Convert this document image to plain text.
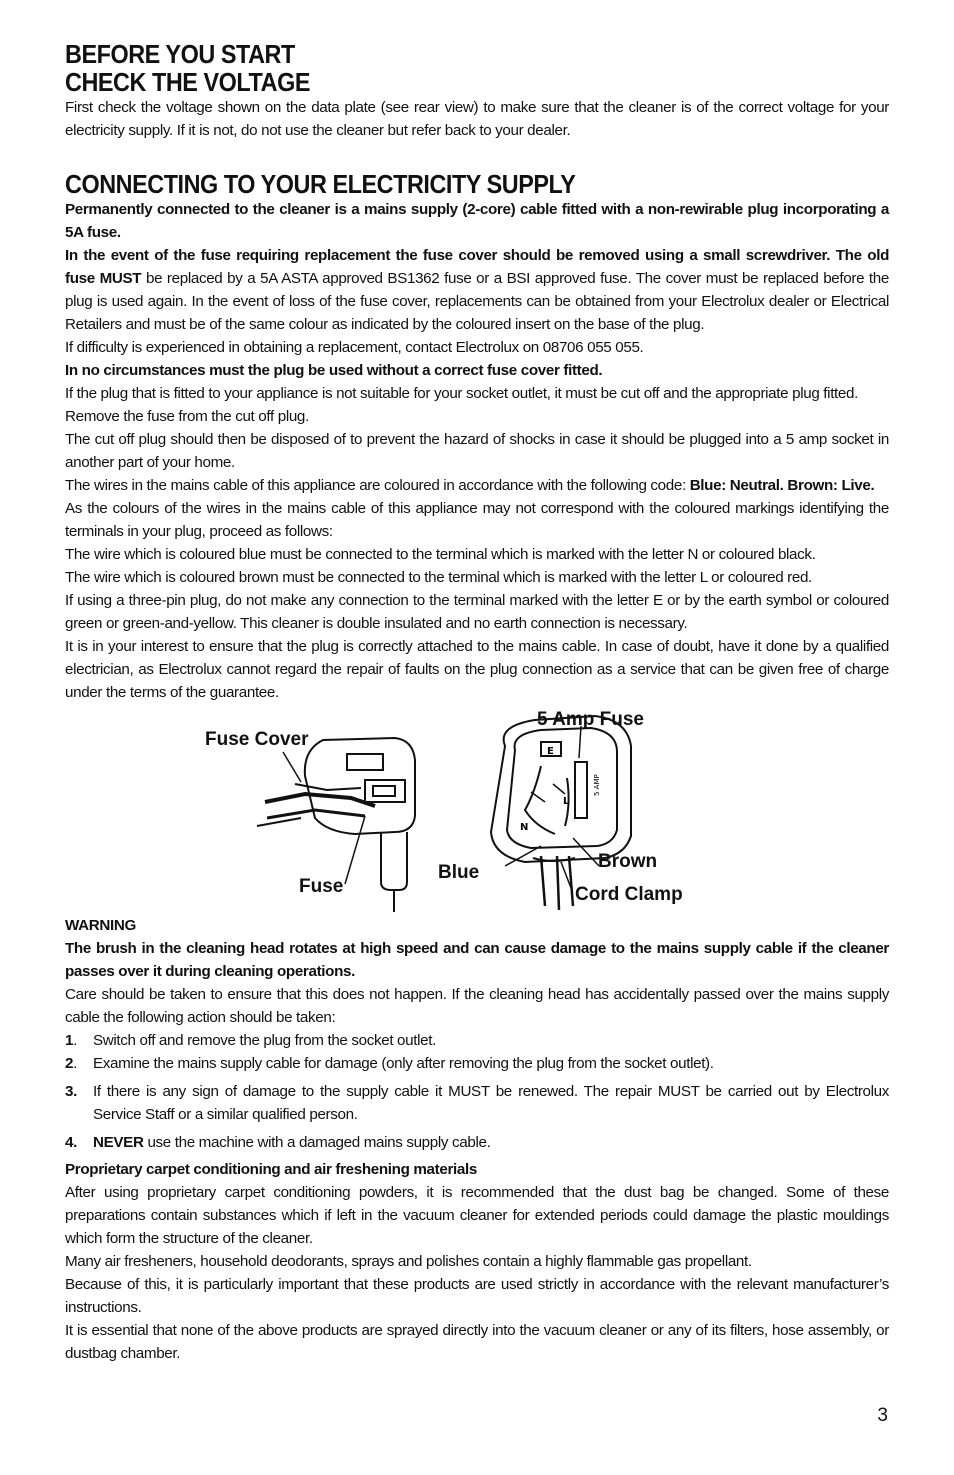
BEFORE YOU START
CHECK THE VOLTAGE

First check the voltage shown on the data plate (see rear view) to make sure that the cleaner is of the correct voltage for your electricity supply. If it is not, do not use the cleaner but refer back to your dealer.

CONNECTING TO YOUR ELECTRICITY SUPPLY

Permanently connected to the cleaner is a mains supply (2-core) cable fitted with a non-rewirable plug incorporating a 5A fuse.

In the event of the fuse requiring replacement the fuse cover should be removed using a small screwdriver. The old fuse MUST be replaced by a 5A ASTA approved BS1362 fuse or a BSI approved fuse. The cover must be replaced before the plug is used again. In the event of loss of the fuse cover, replacements can be obtained from your Electrolux dealer or Electrical Retailers and must be of the same colour as indicated by the coloured insert on the base of the plug.

If difficulty is experienced in obtaining a replacement, contact Electrolux on 08706 055 055.

In no circumstances must the plug be used without a correct fuse cover fitted.

If the plug that is fitted to your appliance is not suitable for your socket outlet, it must be cut off and the appropriate plug fitted.

Remove the fuse from the cut off plug.

The cut off plug should then be disposed of to prevent the hazard of shocks in case it should be plugged into a 5 amp socket in another part of your home.

The wires in the mains cable of this appliance are coloured in accordance with the following code: Blue: Neutral. Brown: Live.

As the colours of the wires in the mains cable of this appliance may not correspond with the coloured markings identifying the terminals in your plug, proceed as follows:

The wire which is coloured blue must be connected to the terminal which is marked with the letter N or coloured black.

The wire which is coloured brown must be connected to the terminal which is marked with the letter L or coloured red.

If using a three-pin plug, do not make any connection to the terminal marked with the letter E or by the earth symbol or coloured green or green-and-yellow. This cleaner is double insulated and no earth connection is necessary.

It is in your interest to ensure that the plug is correctly attached to the mains cable. In case of doubt, have it done by a qualified electrician, as Electrolux cannot regard the repair of faults on the plug connection as a service that can be given free of charge under the terms of the guarantee.

5 AMP
E
N
L
Fuse Cover
Fuse
5 Amp Fuse
Blue
Brown
Cord Clamp

WARNING

The brush in the cleaning head rotates at high speed and can cause damage to the mains supply cable if the cleaner passes over it during cleaning operations.

Care should be taken to ensure that this does not happen. If the cleaning head has accidentally passed over the mains supply cable the following action should be taken:

1.	Switch off and remove the plug from the socket outlet.
2.	Examine the mains supply cable for damage (only after removing the plug from the socket outlet).
3.	If there is any sign of damage to the supply cable it MUST be renewed. The repair MUST be carried out by Electrolux Service Staff or a similar qualified person.
4.	NEVER use the machine with a damaged mains supply cable.

Proprietary carpet conditioning and air freshening materials

After using proprietary carpet conditioning powders, it is recommended that the dust bag be changed. Some of these preparations contain substances which if left in the vacuum cleaner for extended periods could damage the plastic mouldings which form the structure of the cleaner.

Many air fresheners, household deodorants, sprays and polishes contain a highly flammable gas propellant.

Because of this, it is particularly important that these products are used strictly in accordance with the relevant manufacturer’s instructions.

It is essential that none of the above products are sprayed directly into the vacuum cleaner or any of its filters, hose assembly, or dustbag chamber.

3
